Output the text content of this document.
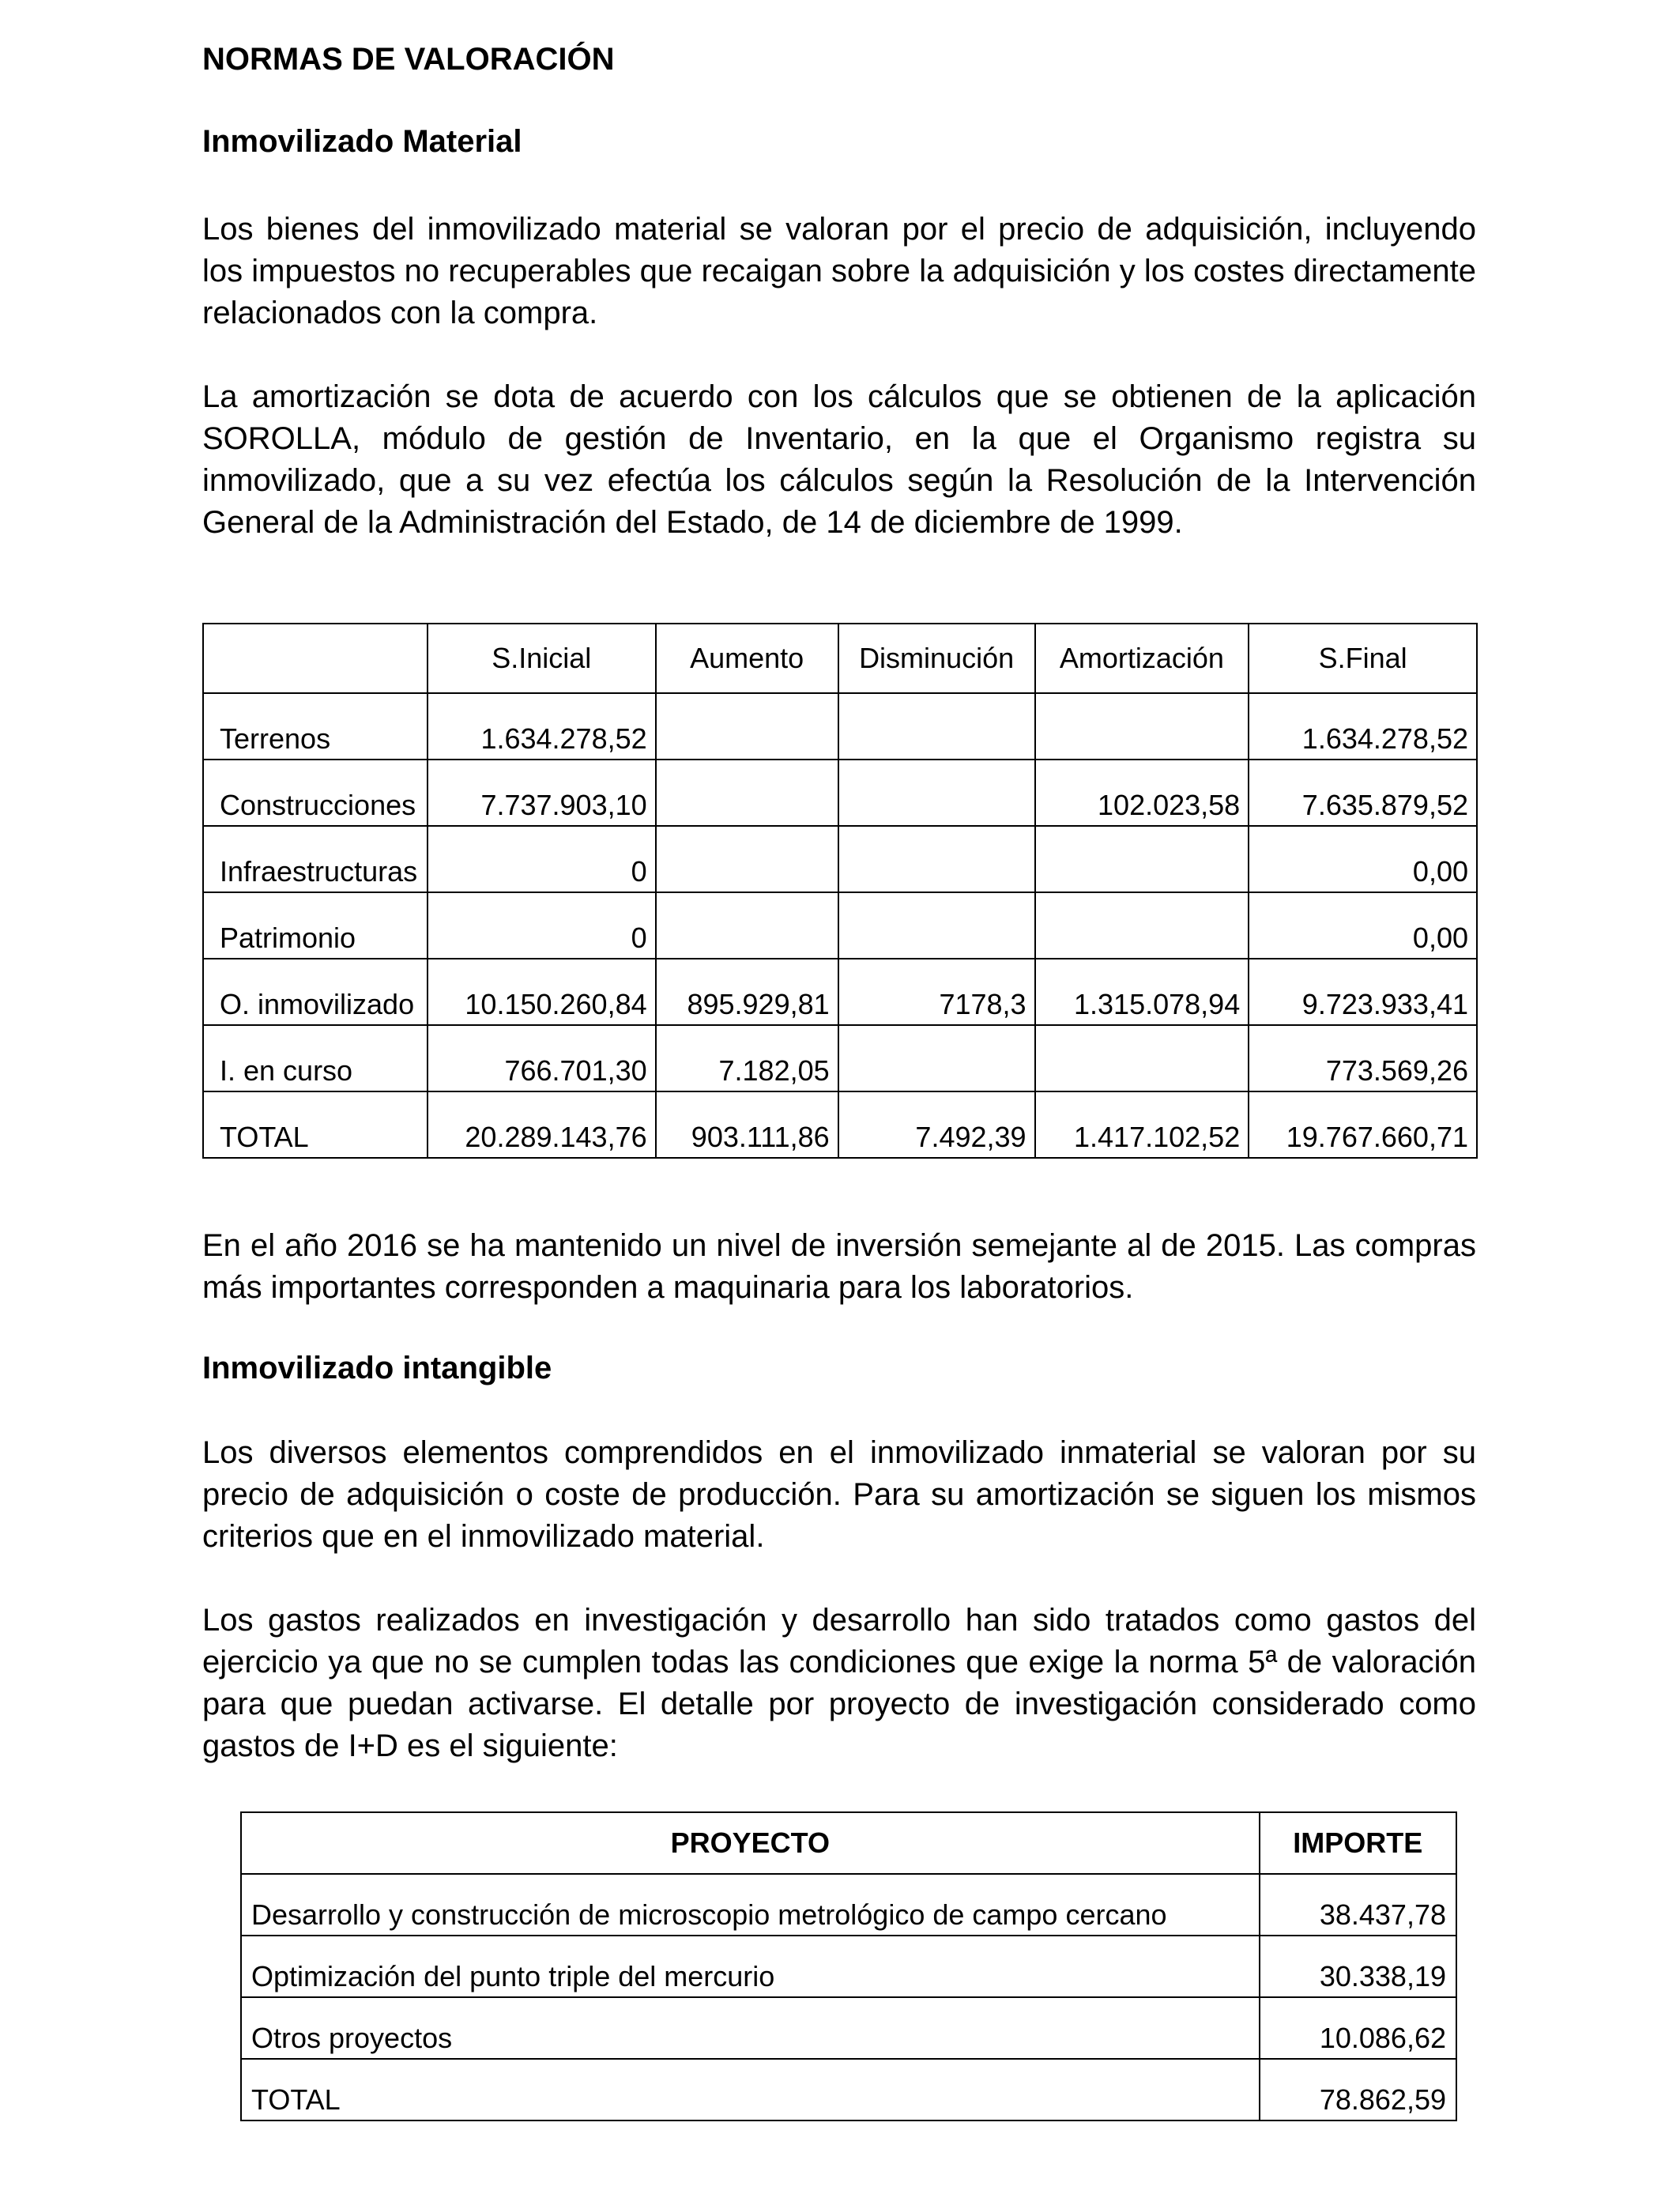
NORMAS DE VALORACIÓN

Inmovilizado Material

Los bienes del inmovilizado material se valoran por el precio de adquisición, incluyendo los impuestos no recuperables que recaigan sobre la adquisición y los costes directamente relacionados con la compra.

La amortización se dota de acuerdo con los cálculos que se obtienen de la aplicación SOROLLA, módulo de gestión de Inventario, en la que el Organismo registra su inmovilizado, que a su vez efectúa los cálculos según la Resolución de la Intervención General de la Administración del Estado, de 14 de diciembre de 1999.

	S.Inicial	Aumento	Disminución	Amortización	S.Final
Terrenos	1.634.278,52				1.634.278,52
Construcciones	7.737.903,10			102.023,58	7.635.879,52
Infraestructuras	0				0,00
Patrimonio	0				0,00
O. inmovilizado	10.150.260,84	895.929,81	7178,3	1.315.078,94	9.723.933,41
I. en curso	766.701,30	7.182,05			773.569,26
TOTAL	20.289.143,76	903.111,86	7.492,39	1.417.102,52	19.767.660,71

En el año 2016 se ha mantenido un nivel de inversión semejante al de 2015. Las compras más importantes corresponden a maquinaria para los laboratorios.

Inmovilizado intangible

Los diversos elementos comprendidos en el inmovilizado inmaterial se valoran por su precio de adquisición o coste de producción. Para su amortización se siguen los mismos criterios que en el inmovilizado material.

Los gastos realizados en investigación y desarrollo han sido tratados como gastos del ejercicio ya que no se cumplen todas las condiciones que exige la norma 5ª de valoración para que puedan activarse. El detalle por proyecto de investigación considerado como gastos de I+D es el siguiente:

PROYECTO	IMPORTE
Desarrollo y construcción de microscopio metrológico de campo cercano	38.437,78
Optimización del punto triple del mercurio	30.338,19
Otros proyectos	10.086,62
TOTAL	78.862,59
